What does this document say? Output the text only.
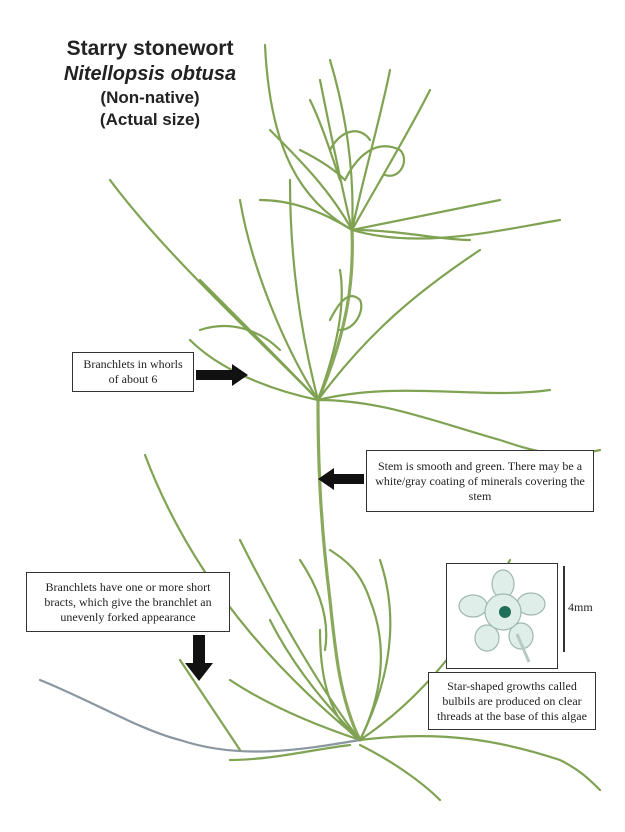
Starry stonewort
Nitellopsis obtusa
(Non-native)
(Actual size)
Branchlets in whorls of about 6
Stem is smooth and green. There may be a white/gray coating of minerals covering the stem
Branchlets have one or more short bracts, which give the branchlet an unevenly forked appearance
4mm
Star-shaped growths called bulbils are produced on clear threads at the base of this algae
